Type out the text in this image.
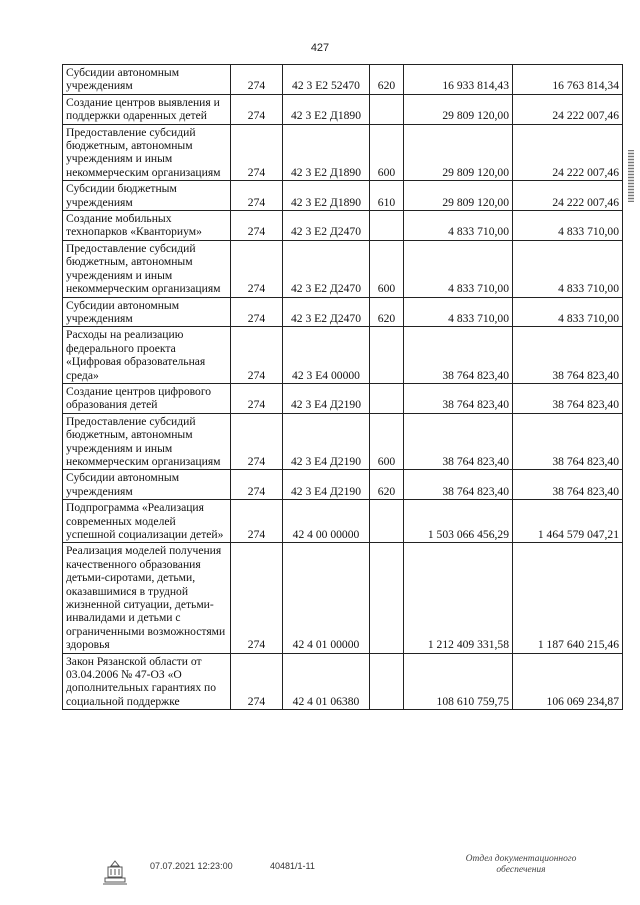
427
Субсидии автономным учреждениям	274	42 3 Е2 52470	620	16 933 814,43	16 763 814,34
Создание центров выявления и поддержки одаренных детей	274	42 3 Е2 Д1890		29 809 120,00	24 222 007,46
Предоставление субсидий бюджетным, автономным учреждениям и иным некоммерческим организациям	274	42 3 Е2 Д1890	600	29 809 120,00	24 222 007,46
Субсидии бюджетным учреждениям	274	42 3 Е2 Д1890	610	29 809 120,00	24 222 007,46
Создание мобильных технопарков «Кванториум»	274	42 3 Е2 Д2470		4 833 710,00	4 833 710,00
Предоставление субсидий бюджетным, автономным учреждениям и иным некоммерческим организациям	274	42 3 Е2 Д2470	600	4 833 710,00	4 833 710,00
Субсидии автономным учреждениям	274	42 3 Е2 Д2470	620	4 833 710,00	4 833 710,00
Расходы на реализацию федерального проекта «Цифровая образовательная среда»	274	42 3 Е4 00000		38 764 823,40	38 764 823,40
Создание центров цифрового образования детей	274	42 3 Е4 Д2190		38 764 823,40	38 764 823,40
Предоставление субсидий бюджетным, автономным учреждениям и иным некоммерческим организациям	274	42 3 Е4 Д2190	600	38 764 823,40	38 764 823,40
Субсидии автономным учреждениям	274	42 3 Е4 Д2190	620	38 764 823,40	38 764 823,40
Подпрограмма «Реализация современных моделей успешной социализации детей»	274	42 4 00 00000		1 503 066 456,29	1 464 579 047,21
Реализация моделей получения качественного образования детьми-сиротами, детьми, оказавшимися в трудной жизненной ситуации, детьми-инвалидами и детьми с ограниченными возможностями здоровья	274	42 4 01 00000		1 212 409 331,58	1 187 640 215,46
Закон Рязанской области от 03.04.2006 № 47-ОЗ «О дополнительных гарантиях по социальной поддержке	274	42 4 01 06380		108 610 759,75	106 069 234,87
07.07.2021 12:23:00	40481/1-11
Отдел документационного
обеспечения
